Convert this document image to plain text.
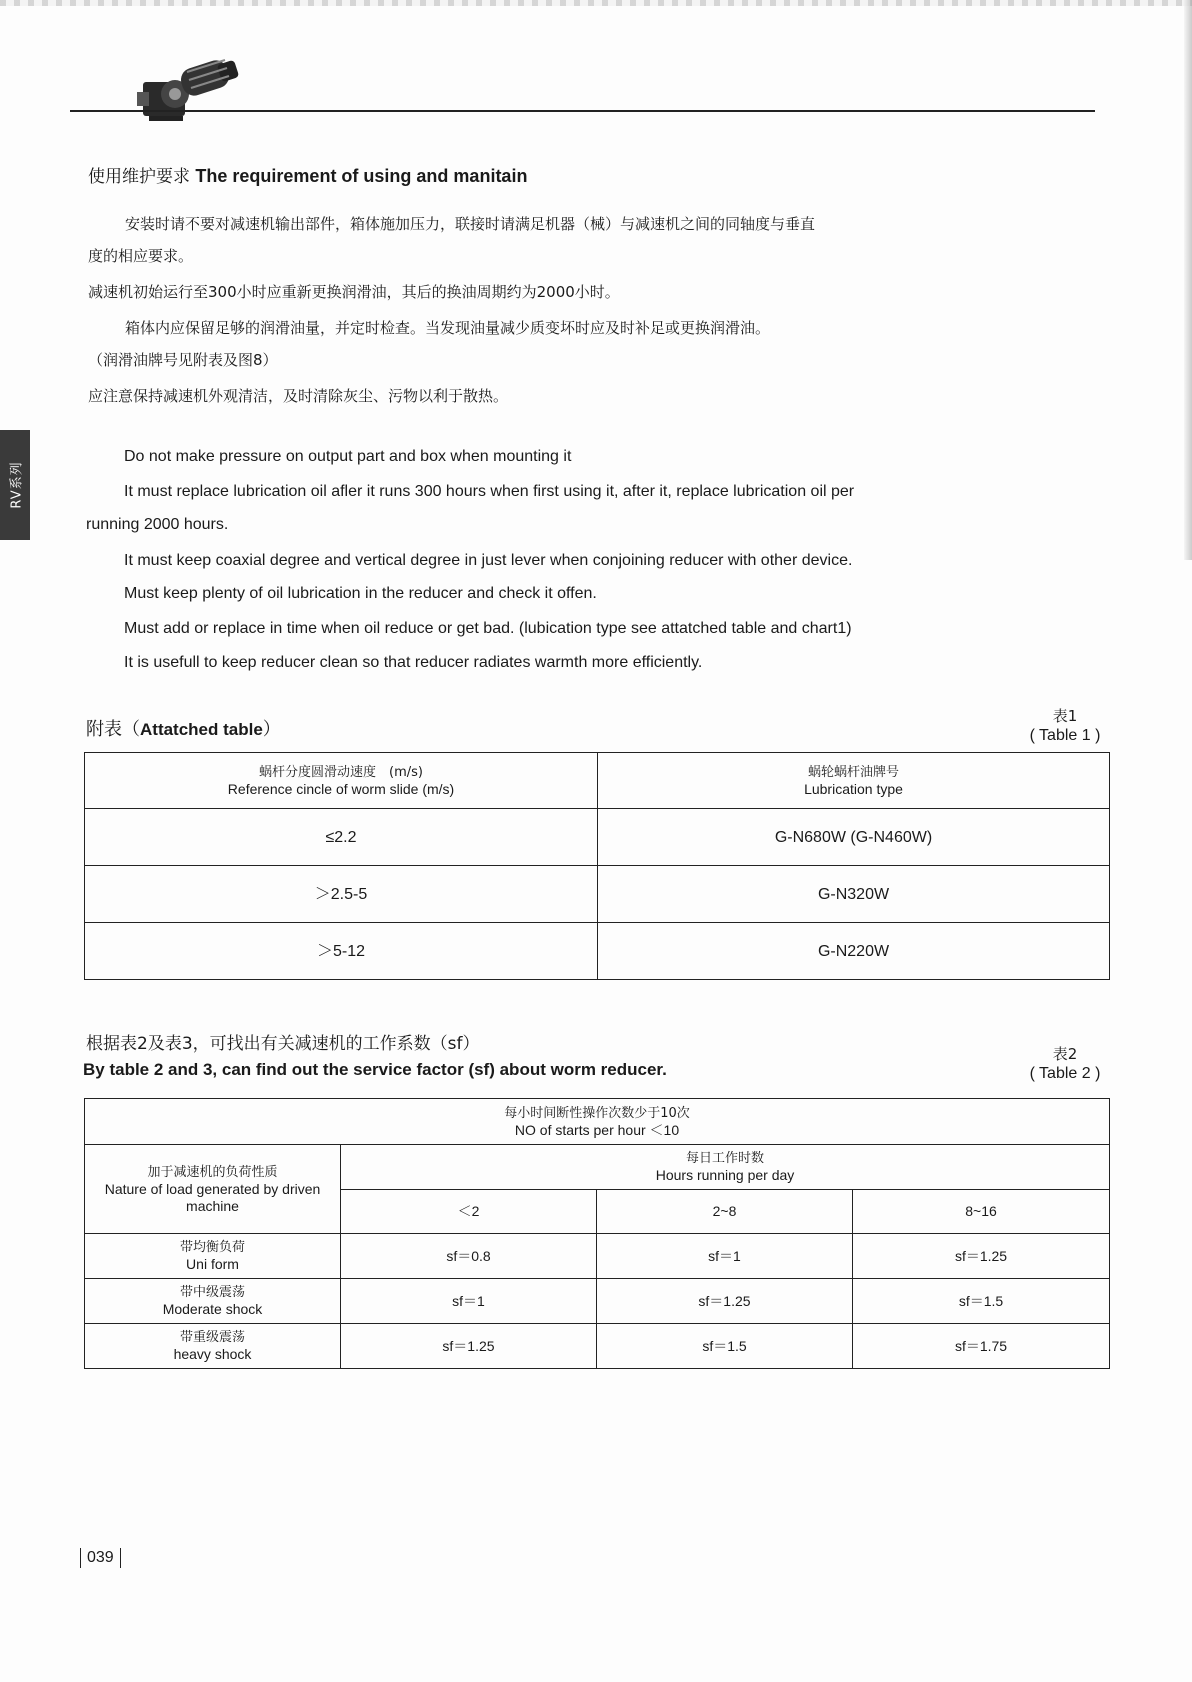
RV系列
使用维护要求 The requirement of using and manitain
安装时请不要对减速机输出部件，箱体施加压力，联接时请满足机器（械）与减速机之间的同轴度与垂直
度的相应要求。
减速机初始运行至300小时应重新更换润滑油，其后的换油周期约为2000小时。
箱体内应保留足够的润滑油量，并定时检查。当发现油量减少质变坏时应及时补足或更换润滑油。
（润滑油牌号见附表及图8）
应注意保持减速机外观清洁，及时清除灰尘、污物以利于散热。
Do not make pressure on output part and box when mounting it
It must replace lubrication oil afler it runs 300 hours when first using it, after it, replace lubrication oil per
running 2000 hours.
It must keep coaxial degree and vertical degree in just lever when conjoining reducer with other device.
Must keep plenty of oil lubrication in the reducer and check it offen.
Must add or replace in time when oil reduce or get bad. (lubication type see attatched table and chart1)
It is usefull to keep reducer clean so that reducer radiates warmth more efficiently.
附表（Attatched table）
表1
( Table 1 )
蜗杆分度圆滑动速度　(m/s)
Reference cincle of worm slide (m/s)	蜗轮蜗杆油牌号
Lubrication type

≤2.2	G-N680W (G-N460W)
＞2.5-5	G-N320W
＞5-12	G-N220W
根据表2及表3，可找出有关减速机的工作系数（sf）
By table 2 and 3, can find out the service factor (sf) about worm reducer.
表2
( Table 2 )
每小时间断性操作次数少于10次
NO of starts per hour ＜10			

加于减速机的负荷性质
Nature of load generated by driven machine	每日工作时数
Hours running per day		

	＜2	2~8	8~16

带均衡负荷
Uni form	sf＝0.8	sf＝1	sf＝1.25

带中级震荡
Moderate shock	sf＝1	sf＝1.25	sf＝1.5

带重级震荡
heavy shock	sf＝1.25	sf＝1.5	sf＝1.75
039
